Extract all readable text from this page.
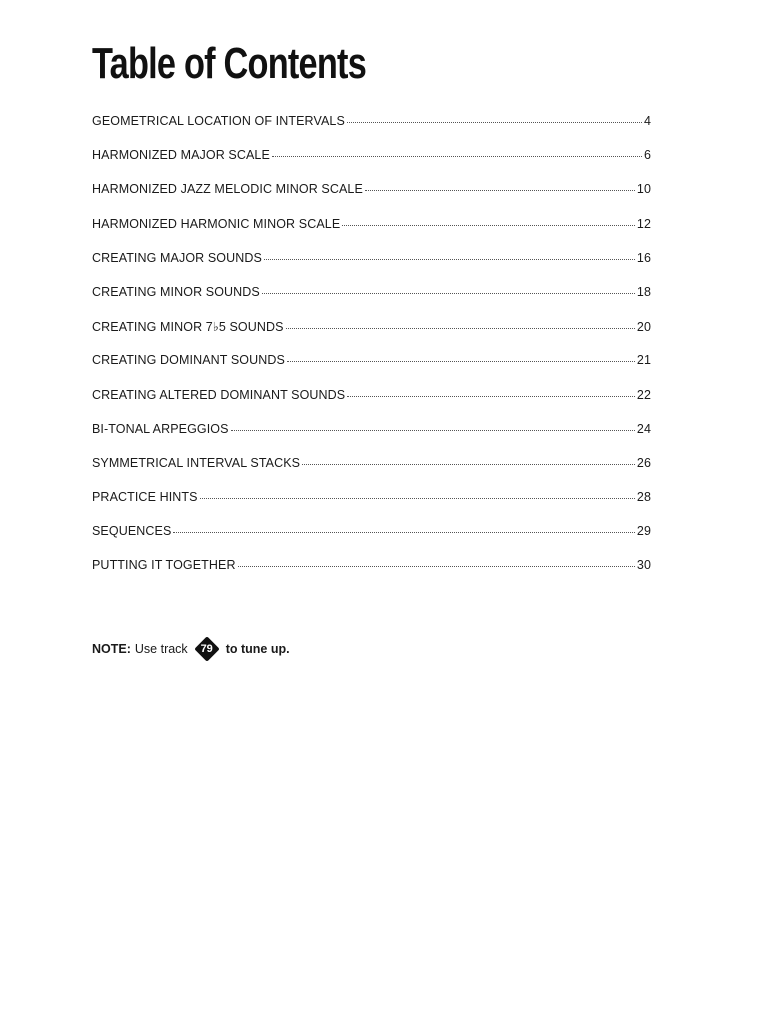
Table of Contents
GEOMETRICAL LOCATION OF INTERVALS	4
HARMONIZED MAJOR SCALE	6
HARMONIZED JAZZ MELODIC MINOR SCALE	10
HARMONIZED HARMONIC MINOR SCALE	12
CREATING MAJOR SOUNDS	16
CREATING MINOR SOUNDS	18
CREATING MINOR 7♭5 SOUNDS	20
CREATING DOMINANT SOUNDS	21
CREATING ALTERED DOMINANT SOUNDS	22
BI-TONAL ARPEGGIOS	24
SYMMETRICAL INTERVAL STACKS	26
PRACTICE HINTS	28
SEQUENCES	29
PUTTING IT TOGETHER	30
NOTE: Use track	79	to tune up.
